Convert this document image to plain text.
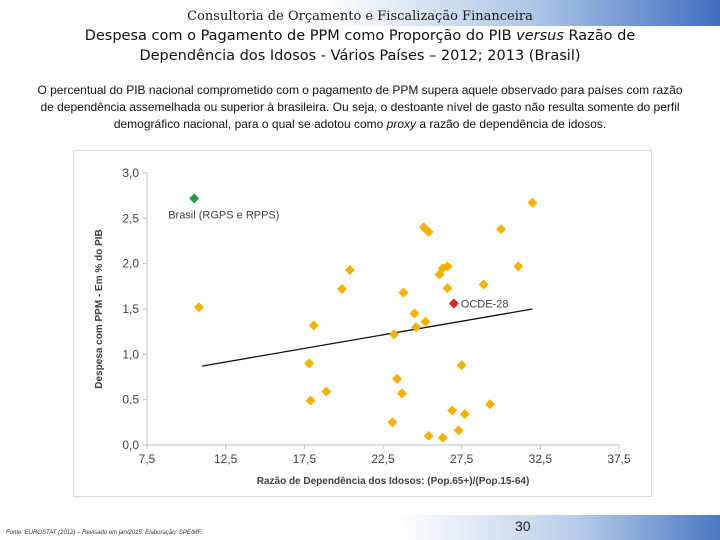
Consultoria de Orçamento e Fiscalização Financeira
Despesa com o Pagamento de PPM como Proporção do PIB versus Razão de Dependência dos Idosos - Vários Países – 2012; 2013 (Brasil)
O percentual do PIB nacional comprometido com o pagamento de PPM supera aquele observado para países com razão de dependência assemelhada ou superior à brasileira. Ou seja, o destoante nível de gasto não resulta somente do perfil demográfico nacional, para o qual se adotou como proxy a razão de dependência de idosos.
0,0
0,5
1,0
1,5
2,0
2,5
3,0
7,5	12,5	17,5	22,5	27,5	32,5	37,5
Razão de Dependência dos Idosos: (Pop.65+)/(Pop.15-64)
Despesa com PPM - Em % do PIB
Brasil (RGPS e RPPS)
OCDE-28
Fonte: EUROSTAT (2012) – Revisado em jan/2015. Elaboração: SPE/MF.	30
